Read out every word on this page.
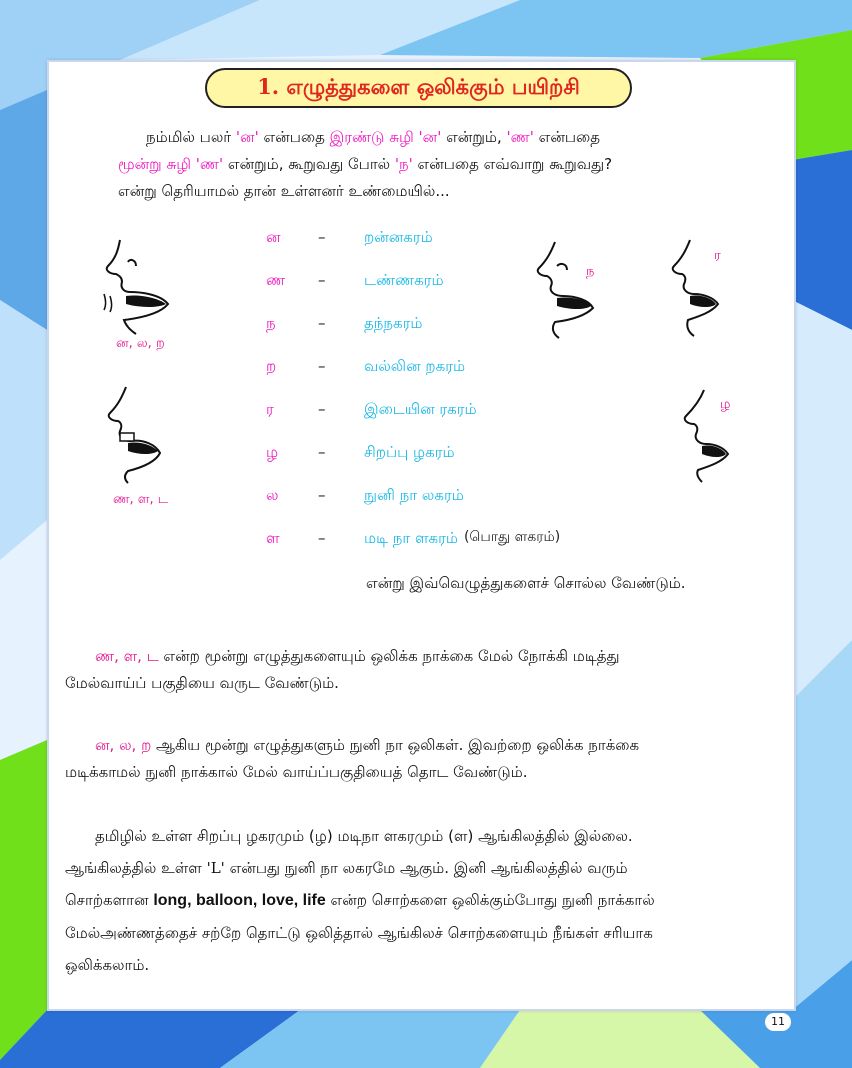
1. எழுத்துகளை ஒலிக்கும் பயிற்சி
நம்மில் பலர் 'ன' என்பதை இரண்டு சுழி 'ன' என்றும், 'ண' என்பதை
மூன்று சுழி 'ண' என்றும், கூறுவது போல் 'ந' என்பதை எவ்வாறு கூறுவது?
என்று தெரியாமல் தான் உள்ளனர் உண்மையில்...
ன	–	றன்னகரம்
ண	–	டண்ணகரம்
ந	–	தந்நகரம்
ற	–	வல்லின றகரம்
ர	–	இடையின ரகரம்
ழ	–	சிறப்பு ழகரம்
ல	–	நுனி நா லகரம்
ள	–	மடி நா ளகரம் (பொது ளகரம்)
என்று இவ்வெழுத்துகளைச் சொல்ல வேண்டும்.
ன, ல, ற
ண, ள, ட
ந
ர
ழ
ண, ள, ட என்ற மூன்று எழுத்துகளையும் ஒலிக்க நாக்கை மேல் நோக்கி மடித்து
மேல்வாய்ப் பகுதியை வருட வேண்டும்.
ன, ல, ற ஆகிய மூன்று எழுத்துகளும் நுனி நா ஒலிகள். இவற்றை ஒலிக்க நாக்கை
மடிக்காமல் நுனி நாக்கால் மேல் வாய்ப்பகுதியைத் தொட வேண்டும்.
தமிழில் உள்ள சிறப்பு ழகரமும் (ழ) மடிநா ளகரமும் (ள) ஆங்கிலத்தில் இல்லை.
ஆங்கிலத்தில் உள்ள 'L' என்பது நுனி நா லகரமே ஆகும். இனி ஆங்கிலத்தில் வரும்
சொற்களான long, balloon, love, life என்ற சொற்களை ஒலிக்கும்போது நுனி நாக்கால்
மேல்அண்ணத்தைச் சற்றே தொட்டு ஒலித்தால் ஆங்கிலச் சொற்களையும் நீங்கள் சரியாக
ஒலிக்கலாம்.
11
